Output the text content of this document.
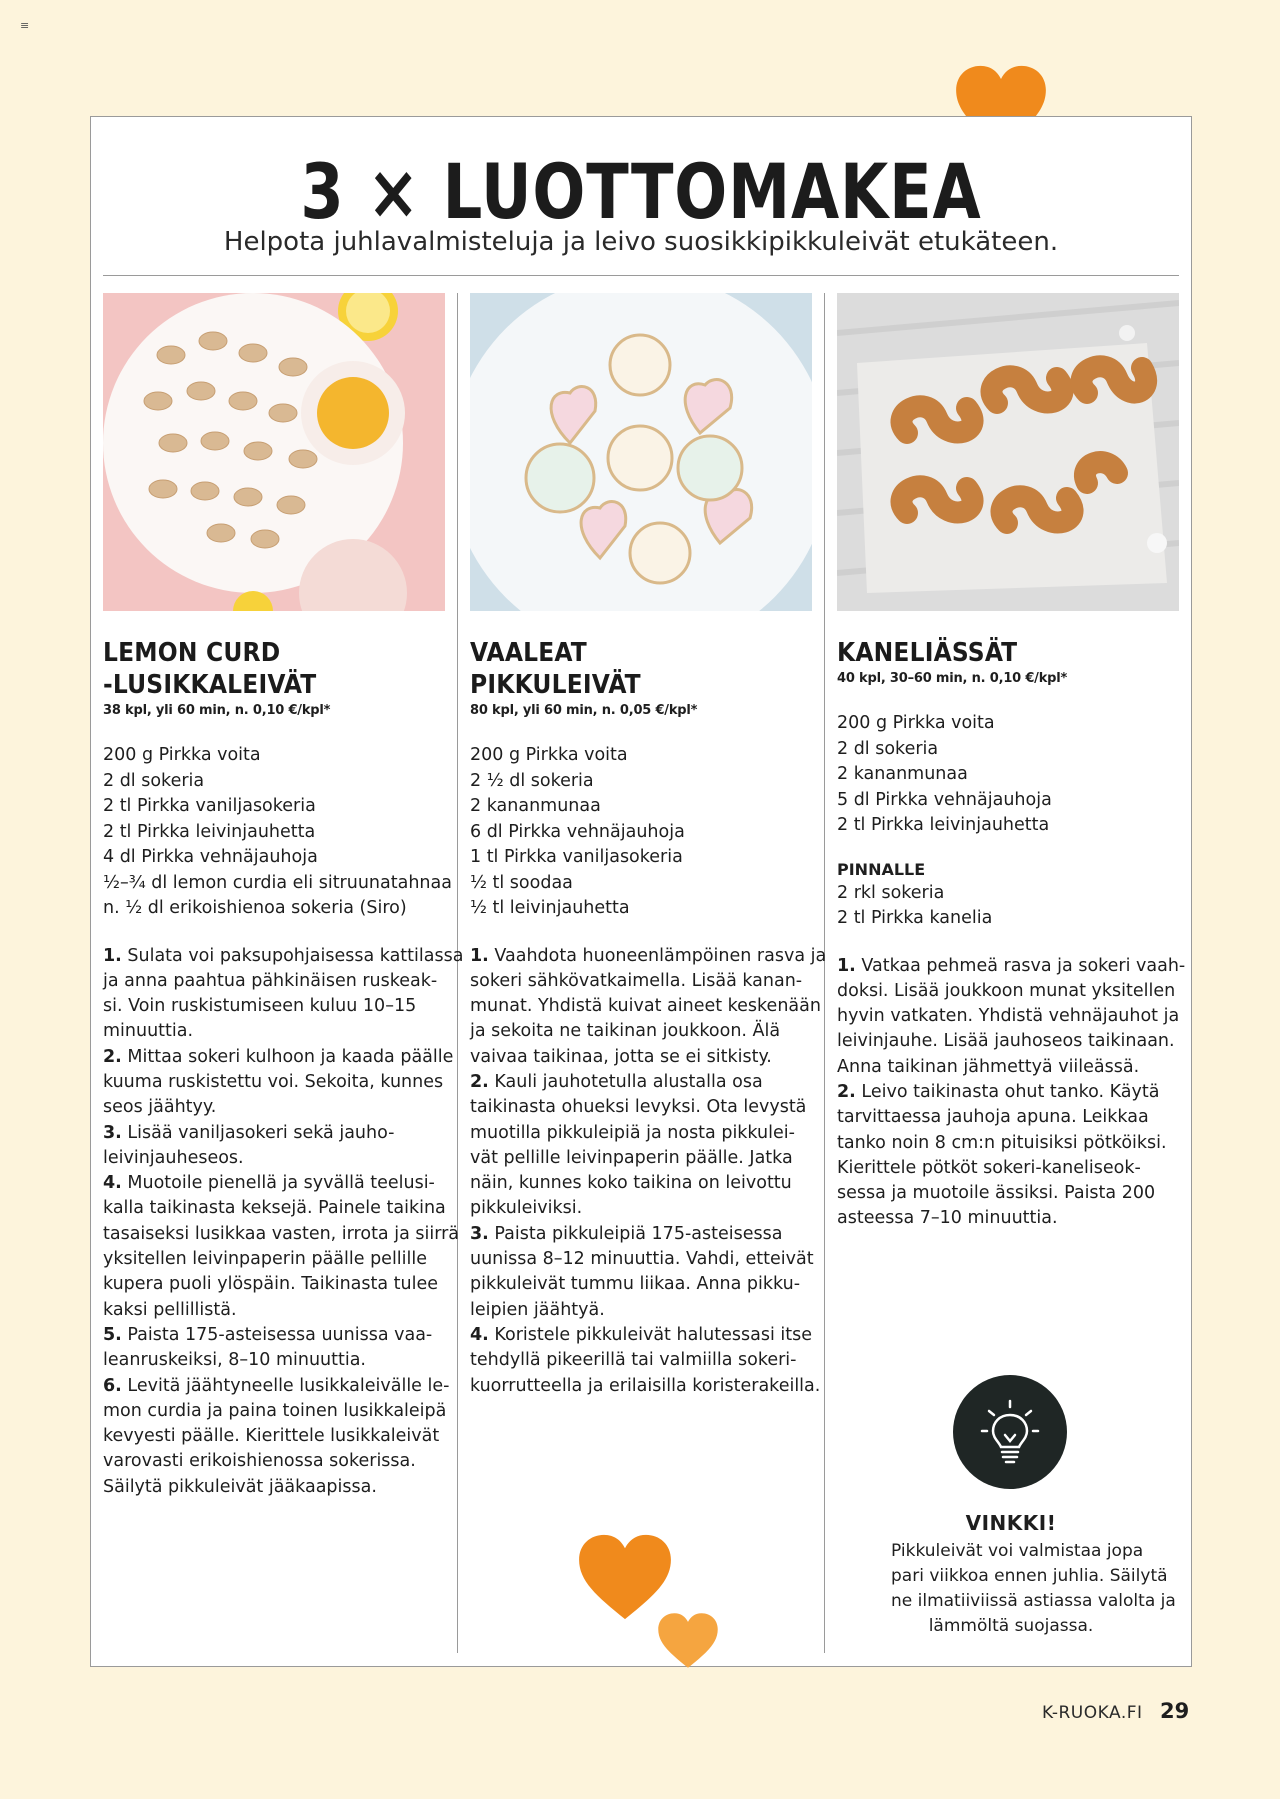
≡
3 × LUOTTOMAKEA
Helpota juhlavalmisteluja ja leivo suosikkipikkuleivät etukäteen.
LEMON CURD
-LUSIKKALEIVÄT
38 kpl, yli 60 min, n. 0,10 €/kpl*
200 g Pirkka voita
2 dl sokeria
2 tl Pirkka vaniljasokeria
2 tl Pirkka leivinjauhetta
4 dl Pirkka vehnäjauhoja
½–¾ dl lemon curdia eli sitruunatahnaa
n. ½ dl erikoishienoa sokeria (Siro)
1. Sulata voi paksupohjaisessa kattilassa
ja anna paahtua pähkinäisen ruskeak-
si. Voin ruskistumiseen kuluu 10–15
minuuttia.
2. Mittaa sokeri kulhoon ja kaada päälle
kuuma ruskistettu voi. Sekoita, kunnes
seos jäähtyy.
3. Lisää vaniljasokeri sekä jauho-
leivinjauheseos.
4. Muotoile pienellä ja syvällä teelusi-
kalla taikinasta keksejä. Painele taikina
tasaiseksi lusikkaa vasten, irrota ja siirrä
yksitellen leivinpaperin päälle pellille
kupera puoli ylöspäin. Taikinasta tulee
kaksi pellillistä.
5. Paista 175-asteisessa uunissa vaa-
leanruskeiksi, 8–10 minuuttia.
6. Levitä jäähtyneelle lusikkaleivälle le-
mon curdia ja paina toinen lusikkaleipä
kevyesti päälle. Kierittele lusikkaleivät
varovasti erikoishienossa sokerissa.
Säilytä pikkuleivät jääkaapissa.
VAALEAT
PIKKULEIVÄT
80 kpl, yli 60 min, n. 0,05 €/kpl*
200 g Pirkka voita
2 ½ dl sokeria
2 kananmunaa
6 dl Pirkka vehnäjauhoja
1 tl Pirkka vaniljasokeria
½ tl soodaa
½ tl leivinjauhetta
1. Vaahdota huoneenlämpöinen rasva ja
sokeri sähkövatkaimella. Lisää kanan-
munat. Yhdistä kuivat aineet keskenään
ja sekoita ne taikinan joukkoon. Älä
vaivaa taikinaa, jotta se ei sitkisty.
2. Kauli jauhotetulla alustalla osa
taikinasta ohueksi levyksi. Ota levystä
muotilla pikkuleipiä ja nosta pikkulei-
vät pellille leivinpaperin päälle. Jatka
näin, kunnes koko taikina on leivottu
pikkuleiviksi.
3. Paista pikkuleipiä 175-asteisessa
uunissa 8–12 minuuttia. Vahdi, etteivät
pikkuleivät tummu liikaa. Anna pikku-
leipien jäähtyä.
4. Koristele pikkuleivät halutessasi itse
tehdyllä pikeerillä tai valmiilla sokeri-
kuorrutteella ja erilaisilla koristerakeilla.
KANELIÄSSÄT
40 kpl, 30–60 min, n. 0,10 €/kpl*
200 g Pirkka voita
2 dl sokeria
2 kananmunaa
5 dl Pirkka vehnäjauhoja
2 tl Pirkka leivinjauhetta
PINNALLE
2 rkl sokeria
2 tl Pirkka kanelia
1. Vatkaa pehmeä rasva ja sokeri vaah-
doksi. Lisää joukkoon munat yksitellen
hyvin vatkaten. Yhdistä vehnäjauhot ja
leivinjauhe. Lisää jauhoseos taikinaan.
Anna taikinan jähmettyä viileässä.
2. Leivo taikinasta ohut tanko. Käytä
tarvittaessa jauhoja apuna. Leikkaa
tanko noin 8 cm:n pituisiksi pötköiksi.
Kierittele pötköt sokeri-kaneliseok-
sessa ja muotoile ässiksi. Paista 200
asteessa 7–10 minuuttia.
VINKKI!
Pikkuleivät voi valmistaa jopa
pari viikkoa ennen juhlia. Säilytä
ne ilmatiiviissä astiassa valolta ja
lämmöltä suojassa.
K-RUOKA.FI 29
